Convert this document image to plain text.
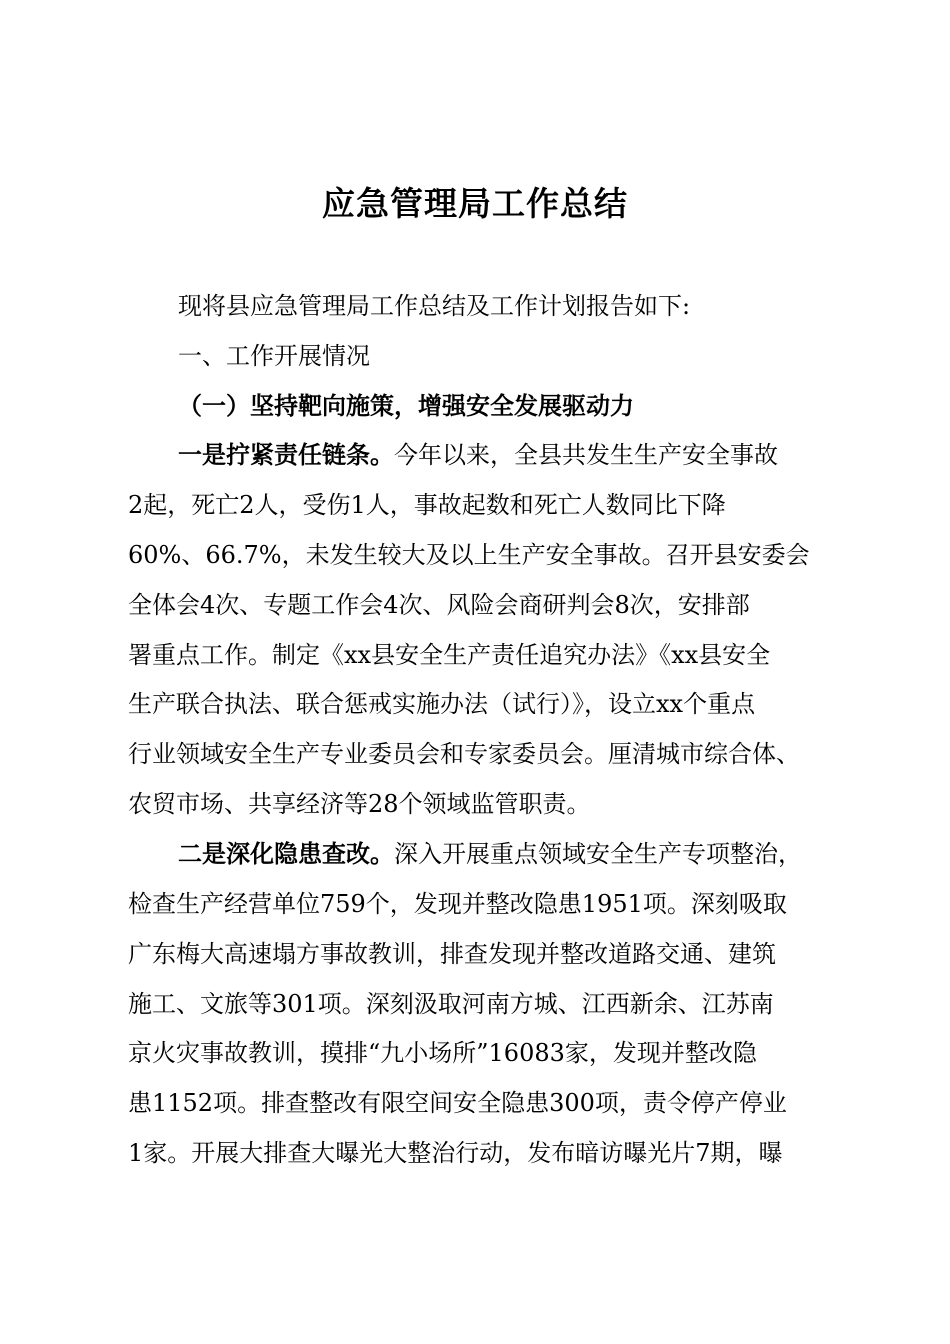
应急管理局工作总结

现将县应急管理局工作总结及工作计划报告如下:

一、工作开展情况

（一）坚持靶向施策，增强安全发展驱动力

一是拧紧责任链条。今年以来，全县共发生生产安全事故

2起，死亡2人，受伤1人，事故起数和死亡人数同比下降

60%、66.7%，未发生较大及以上生产安全事故。召开县安委会

全体会4次、专题工作会4次、风险会商研判会8次，安排部

署重点工作。制定《xx县安全生产责任追究办法》《xx县安全

生产联合执法、联合惩戒实施办法（试行）》，设立xx个重点

行业领域安全生产专业委员会和专家委员会。厘清城市综合体、

农贸市场、共享经济等28个领域监管职责。

二是深化隐患查改。深入开展重点领域安全生产专项整治，

检查生产经营单位759个，发现并整改隐患1951项。深刻吸取

广东梅大高速塌方事故教训，排查发现并整改道路交通、建筑

施工、文旅等301项。深刻汲取河南方城、江西新余、江苏南

京火灾事故教训，摸排“九小场所”16083家，发现并整改隐

患1152项。排查整改有限空间安全隐患300项，责令停产停业

1家。开展大排查大曝光大整治行动，发布暗访曝光片7期，曝
